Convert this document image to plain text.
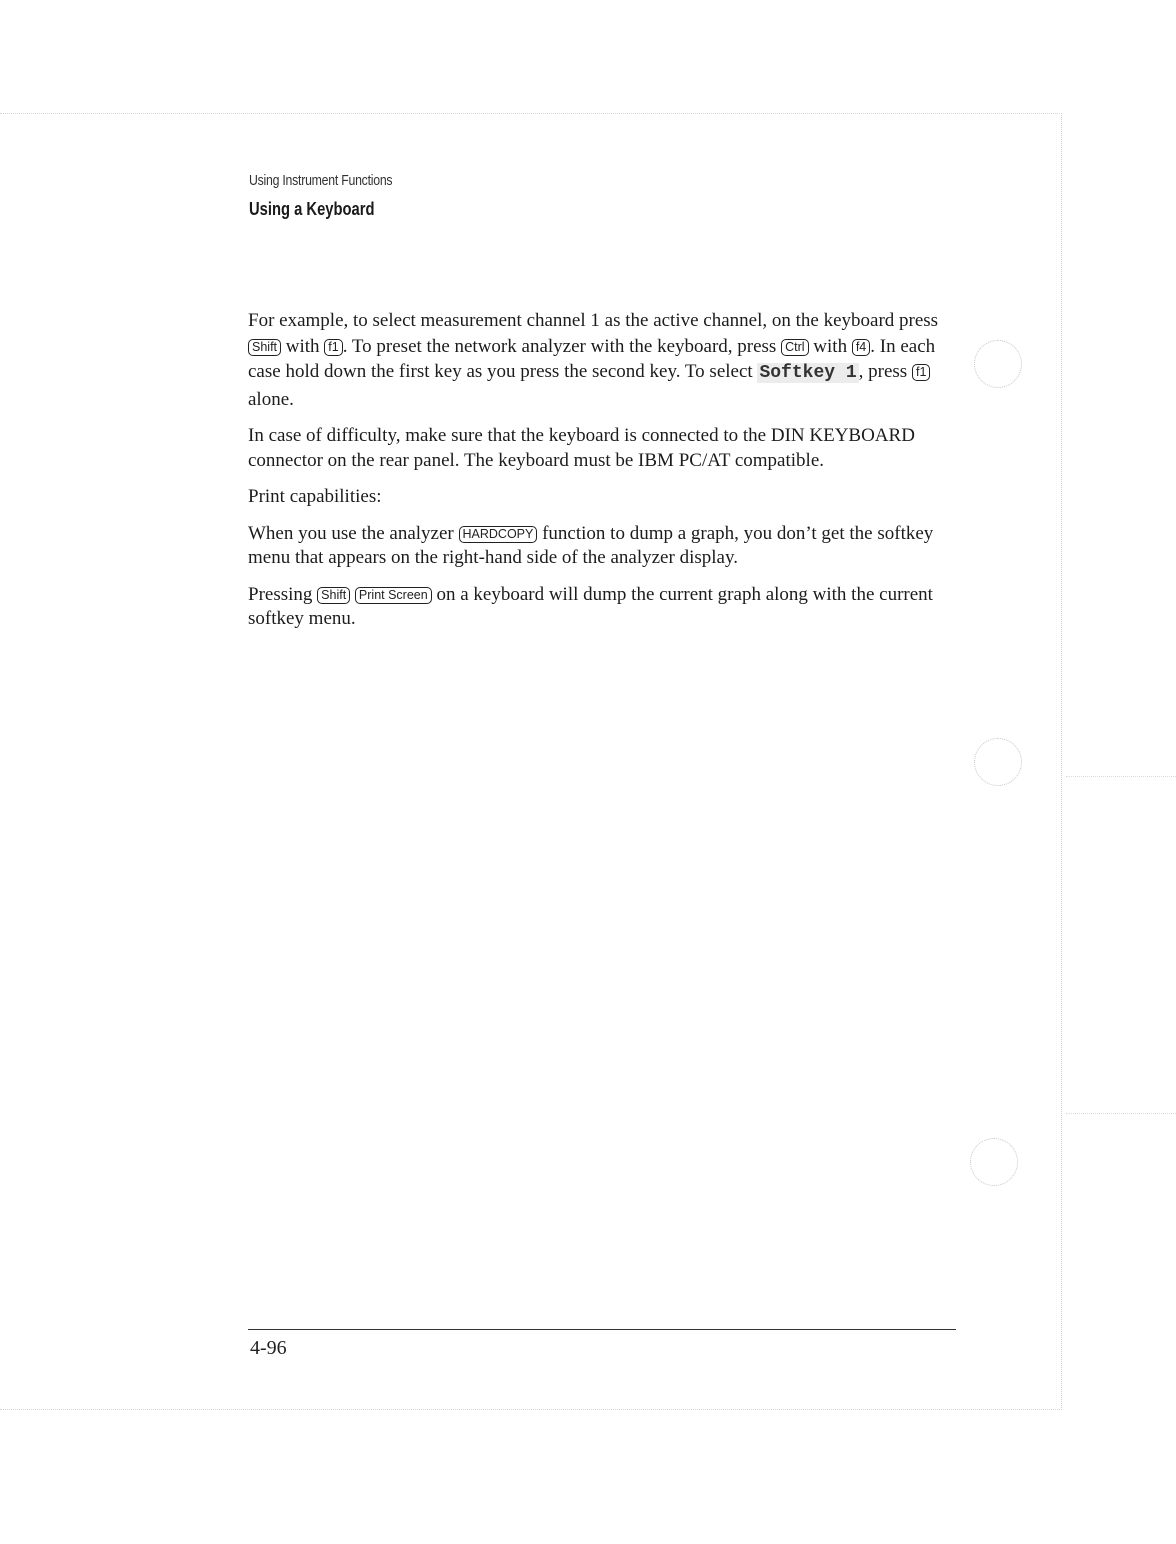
Using Instrument Functions
Using a Keyboard

For example, to select measurement channel 1 as the active channel, on the keyboard press Shift with f1 . To preset the network analyzer with the keyboard, press Ctrl with f4 . In each case hold down the first key as you press the second key. To select Softkey 1 , press f1 alone.

In case of difficulty, make sure that the keyboard is connected to the DIN KEYBOARD connector on the rear panel. The keyboard must be IBM PC/AT compatible.

Print capabilities:

When you use the analyzer HARDCOPY function to dump a graph, you don’t get the softkey menu that appears on the right-hand side of the analyzer display.

Pressing Shift Print Screen on a keyboard will dump the current graph along with the current softkey menu.

4-96
